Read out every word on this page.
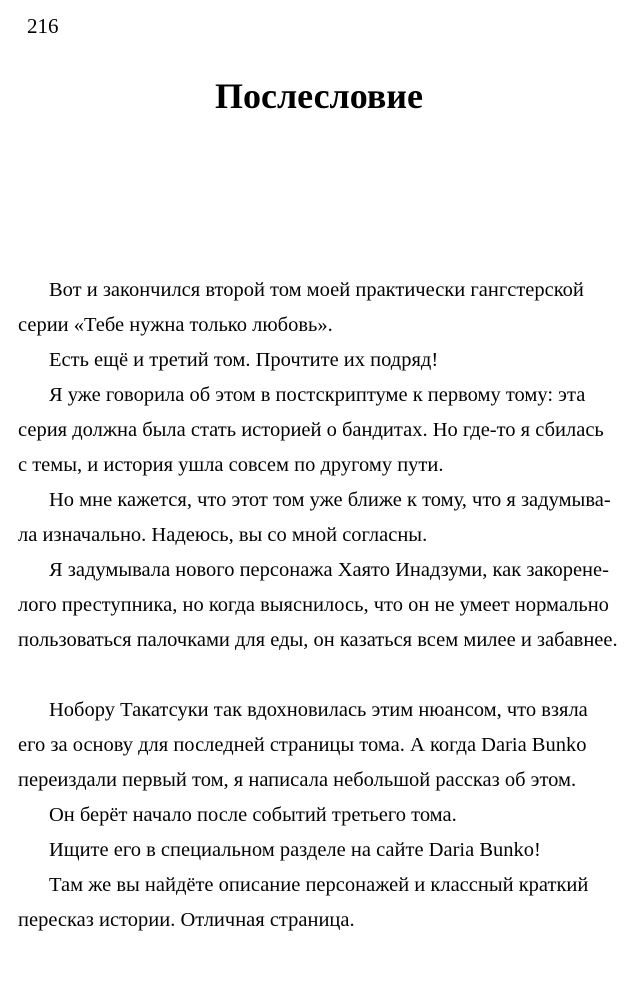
216
Послесловие
Вот и закончился второй том моей практически гангстерской
серии «Тебе нужна только любовь».
Есть ещё и третий том. Прочтите их подряд!
Я уже говорила об этом в постскриптуме к первому тому: эта
серия должна была стать историей о бандитах. Но где-то я сбилась
с темы, и история ушла совсем по другому пути.
Но мне кажется, что этот том уже ближе к тому, что я задумыва-
ла изначально. Надеюсь, вы со мной согласны.
Я задумывала нового персонажа Хаято Инадзуми, как закорене-
лого преступника, но когда выяснилось, что он не умеет нормально
пользоваться палочками для еды, он казаться всем милее и забавнее.
Нобору Такатсуки так вдохновилась этим нюансом, что взяла
его за основу для последней страницы тома. А когда Daria Bunko
переиздали первый том, я написала небольшой рассказ об этом.
Он берёт начало после событий третьего тома.
Ищите его в специальном разделе на сайте Daria Bunko!
Там же вы найдёте описание персонажей и классный краткий
пересказ истории. Отличная страница.
